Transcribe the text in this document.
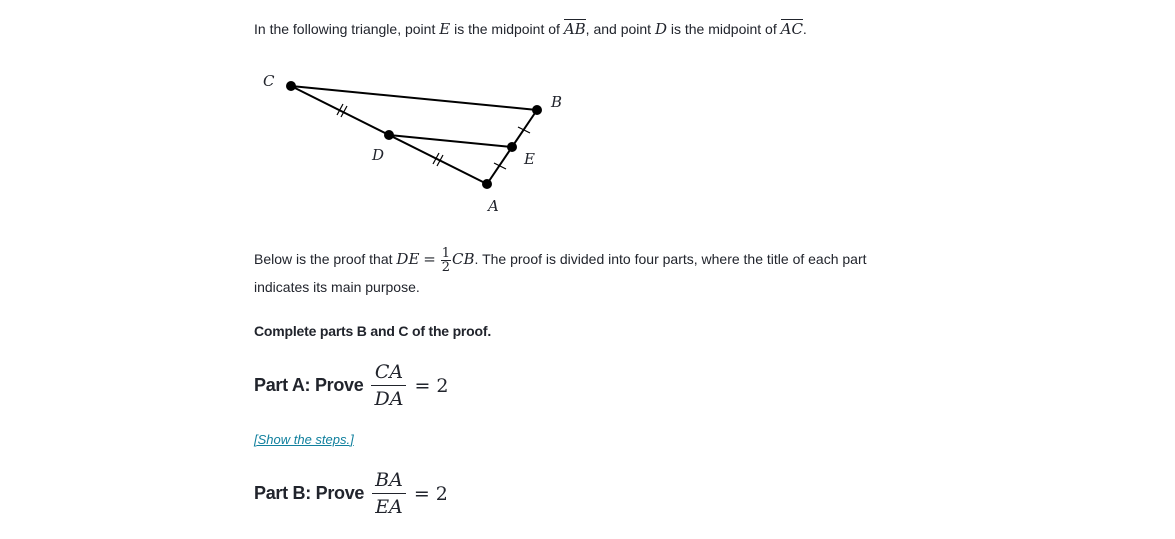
In the following triangle, point E is the midpoint of AB, and point D is the midpoint of AC.
C
B
D	E
A
Below is the proof that DE = $\frac{1}{2}$ CB. The proof is divided into four parts, where the title of each part
indicates its main purpose.
Complete parts B and C of the proof.
Part A: Prove $\frac{CA}{DA} = 2$
[Show the steps.]
Part B: Prove $\frac{BA}{EA} = 2$
